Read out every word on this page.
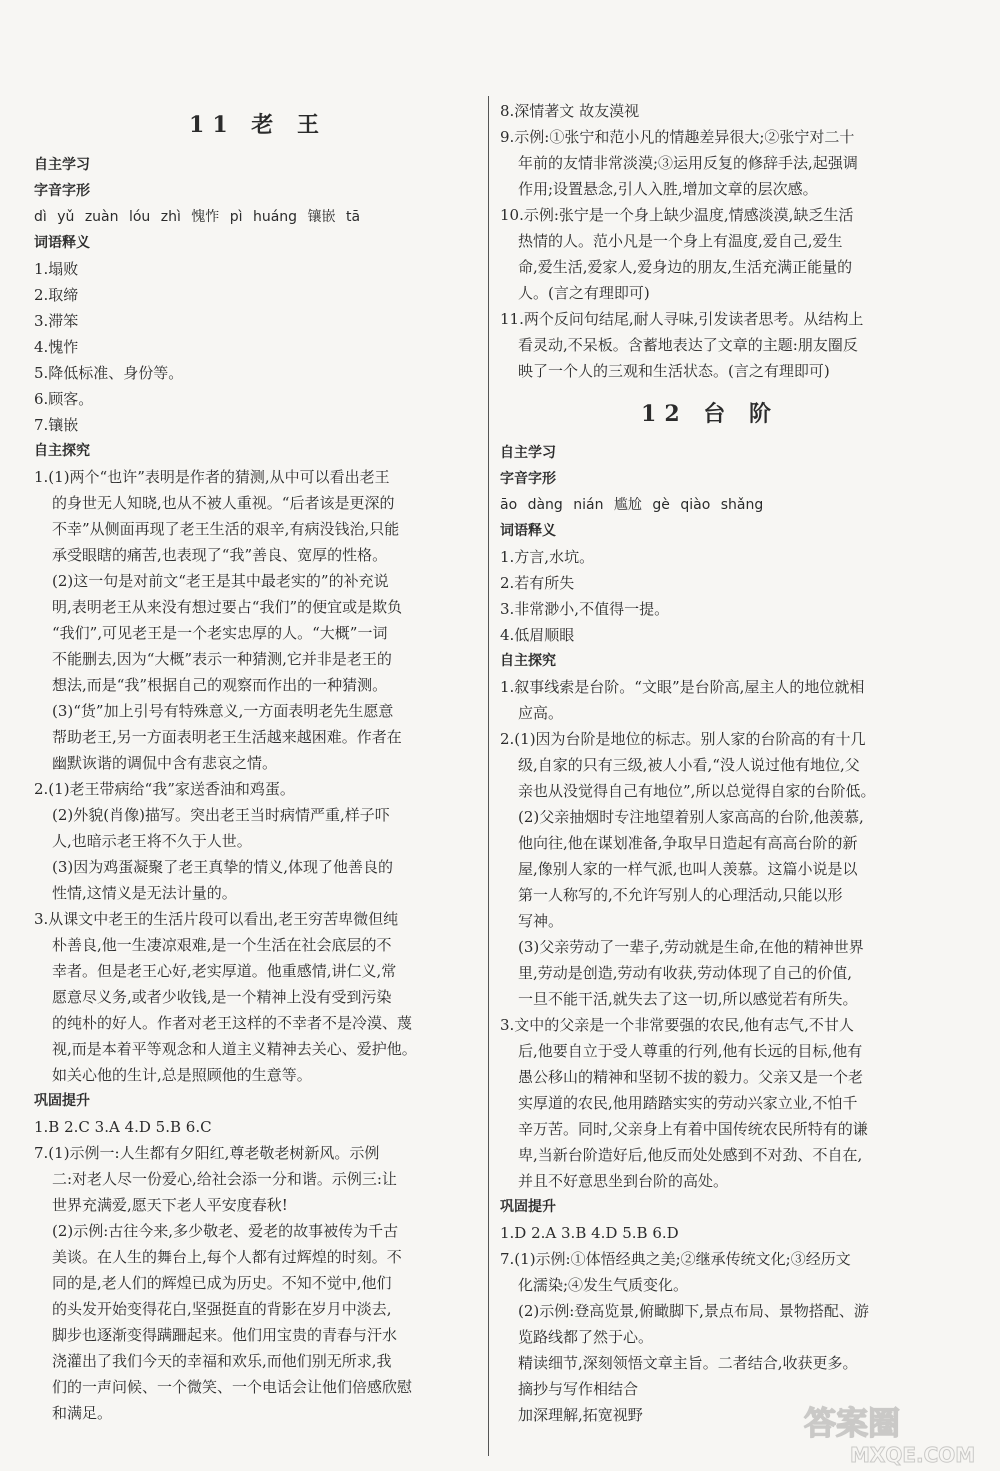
11 老 王
自主学习
字音字形
dì yǔ zuàn lóu zhì 愧怍 pì huáng 镶嵌 tā
词语释义
1.塌败
2.取缔
3.滞笨
4.愧怍
5.降低标准、身份等。
6.顾客。
7.镶嵌
自主探究
1.(1)两个“也许”表明是作者的猜测,从中可以看出老王
的身世无人知晓,也从不被人重视。“后者该是更深的
不幸”从侧面再现了老王生活的艰辛,有病没钱治,只能
承受眼瞎的痛苦,也表现了“我”善良、宽厚的性格。
(2)这一句是对前文“老王是其中最老实的”的补充说
明,表明老王从来没有想过要占“我们”的便宜或是欺负
“我们”,可见老王是一个老实忠厚的人。“大概”一词
不能删去,因为“大概”表示一种猜测,它并非是老王的
想法,而是“我”根据自己的观察而作出的一种猜测。
(3)“货”加上引号有特殊意义,一方面表明老先生愿意
帮助老王,另一方面表明老王生活越来越困难。作者在
幽默诙谐的调侃中含有悲哀之情。
2.(1)老王带病给“我”家送香油和鸡蛋。
(2)外貌(肖像)描写。突出老王当时病情严重,样子吓
人,也暗示老王将不久于人世。
(3)因为鸡蛋凝聚了老王真挚的情义,体现了他善良的
性情,这情义是无法计量的。
3.从课文中老王的生活片段可以看出,老王穷苦卑微但纯
朴善良,他一生凄凉艰难,是一个生活在社会底层的不
幸者。但是老王心好,老实厚道。他重感情,讲仁义,常
愿意尽义务,或者少收钱,是一个精神上没有受到污染
的纯朴的好人。作者对老王这样的不幸者不是冷漠、蔑
视,而是本着平等观念和人道主义精神去关心、爱护他。
如关心他的生计,总是照顾他的生意等。
巩固提升
1.B 2.C 3.A 4.D 5.B 6.C
7.(1)示例一:人生都有夕阳红,尊老敬老树新风。示例
二:对老人尽一份爱心,给社会添一分和谐。示例三:让
世界充满爱,愿天下老人平安度春秋!
(2)示例:古往今来,多少敬老、爱老的故事被传为千古
美谈。在人生的舞台上,每个人都有过辉煌的时刻。不
同的是,老人们的辉煌已成为历史。不知不觉中,他们
的头发开始变得花白,坚强挺直的背影在岁月中淡去,
脚步也逐渐变得蹒跚起来。他们用宝贵的青春与汗水
浇灌出了我们今天的幸福和欢乐,而他们别无所求,我
们的一声问候、一个微笑、一个电话会让他们倍感欣慰
和满足。
8.深情著文 故友漠视
9.示例:①张宁和范小凡的情趣差异很大;②张宁对二十
年前的友情非常淡漠;③运用反复的修辞手法,起强调
作用;设置悬念,引人入胜,增加文章的层次感。
10.示例:张宁是一个身上缺少温度,情感淡漠,缺乏生活
热情的人。范小凡是一个身上有温度,爱自己,爱生
命,爱生活,爱家人,爱身边的朋友,生活充满正能量的
人。(言之有理即可)
11.两个反问句结尾,耐人寻味,引发读者思考。从结构上
看灵动,不呆板。含蓄地表达了文章的主题:朋友圈反
映了一个人的三观和生活状态。(言之有理即可)
12 台 阶
自主学习
字音字形
āo dàng nián 尴尬 gè qiào shǎng
词语释义
1.方言,水坑。
2.若有所失
3.非常渺小,不值得一提。
4.低眉顺眼
自主探究
1.叙事线索是台阶。“文眼”是台阶高,屋主人的地位就相
应高。
2.(1)因为台阶是地位的标志。别人家的台阶高的有十几
级,自家的只有三级,被人小看,“没人说过他有地位,父
亲也从没觉得自己有地位”,所以总觉得自家的台阶低。
(2)父亲抽烟时专注地望着别人家高高的台阶,他羡慕,
他向往,他在谋划准备,争取早日造起有高高台阶的新
屋,像别人家的一样气派,也叫人羡慕。这篇小说是以
第一人称写的,不允许写别人的心理活动,只能以形
写神。
(3)父亲劳动了一辈子,劳动就是生命,在他的精神世界
里,劳动是创造,劳动有收获,劳动体现了自己的价值,
一旦不能干活,就失去了这一切,所以感觉若有所失。
3.文中的父亲是一个非常要强的农民,他有志气,不甘人
后,他要自立于受人尊重的行列,他有长远的目标,他有
愚公移山的精神和坚韧不拔的毅力。父亲又是一个老
实厚道的农民,他用踏踏实实的劳动兴家立业,不怕千
辛万苦。同时,父亲身上有着中国传统农民所特有的谦
卑,当新台阶造好后,他反而处处感到不对劲、不自在,
并且不好意思坐到台阶的高处。
巩固提升
1.D 2.A 3.B 4.D 5.B 6.D
7.(1)示例:①体悟经典之美;②继承传统文化;③经历文
化濡染;④发生气质变化。
(2)示例:登高览景,俯瞰脚下,景点布局、景物搭配、游
览路线都了然于心。
精读细节,深刻领悟文章主旨。二者结合,收获更多。
摘抄与写作相结合
加深理解,拓宽视野	答案圈
MXQE.COM
